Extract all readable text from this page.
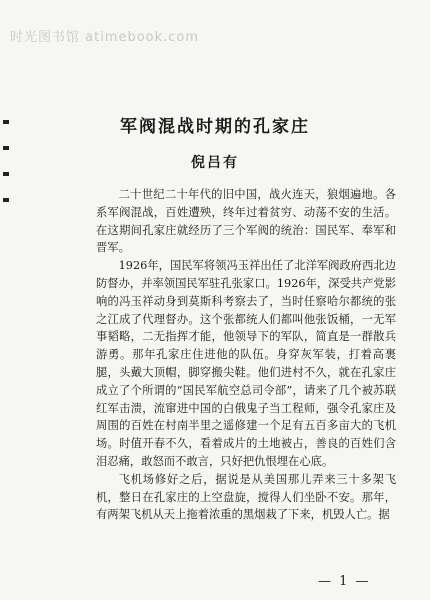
时光图书馆 atimebook.com
军阀混战时期的孔家庄
倪吕有

二十世纪二十年代的旧中国，战火连天，狼烟遍地。各系军阀混战，百姓遭殃，终年过着贫穷、动荡不安的生活。在这期间孔家庄就经历了三个军阀的统治：国民军、奉军和晋军。

1926年，国民军将领冯玉祥出任了北洋军阀政府西北边防督办，并率领国民军驻孔张家口。1926年，深受共产党影响的冯玉祥动身到莫斯科考察去了，当时任察哈尔都统的张之江成了代理督办。这个张都统人们都叫他张饭桶，一无军事韬略，二无指挥才能，他领导下的军队，简直是一群散兵游勇。那年孔家庄住进他的队伍。身穿灰军装，打着高裹腿，头戴大顶帽，脚穿搬尖鞋。他们进村不久，就在孔家庄成立了个所谓的“国民军航空总司令部”，请来了几个被苏联红军击溃，流窜进中国的白俄鬼子当工程师，强令孔家庄及周围的百姓在村南半里之遥修建一个足有五百多亩大的飞机场。时值开春不久，看着成片的土地被占，善良的百姓们含泪忍痛，敢怒而不敢言，只好把仇恨埋在心底。

飞机场修好之后，据说是从美国那儿弄来三十多架飞机，整日在孔家庄的上空盘旋，搅得人们坐卧不安。那年，有两架飞机从天上拖着浓重的黑烟栽了下来，机毁人亡。据

— 1 —
